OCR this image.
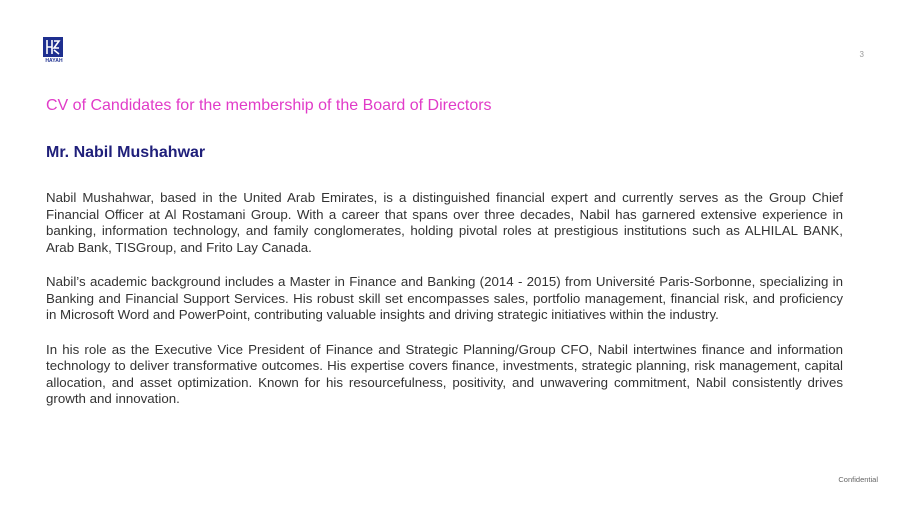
HAYAH
3
CV of Candidates for the membership of the Board of Directors
Mr. Nabil Mushahwar

Nabil Mushahwar, based in the United Arab Emirates, is a distinguished financial expert and currently serves as the Group Chief Financial Officer at Al Rostamani Group. With a career that spans over three decades, Nabil has garnered extensive experience in banking, information technology, and family conglomerates, holding pivotal roles at prestigious institutions such as ALHILAL BANK, Arab Bank, TISGroup, and Frito Lay Canada.

Nabil’s academic background includes a Master in Finance and Banking (2014 - 2015) from Université Paris-Sorbonne, specializing in Banking and Financial Support Services. His robust skill set encompasses sales, portfolio management, financial risk, and proficiency in Microsoft Word and PowerPoint, contributing valuable insights and driving strategic initiatives within the industry.

In his role as the Executive Vice President of Finance and Strategic Planning/Group CFO, Nabil intertwines finance and information technology to deliver transformative outcomes. His expertise covers finance, investments, strategic planning, risk management, capital allocation, and asset optimization. Known for his resourcefulness, positivity, and unwavering commitment, Nabil consistently drives growth and innovation.

Confidential
